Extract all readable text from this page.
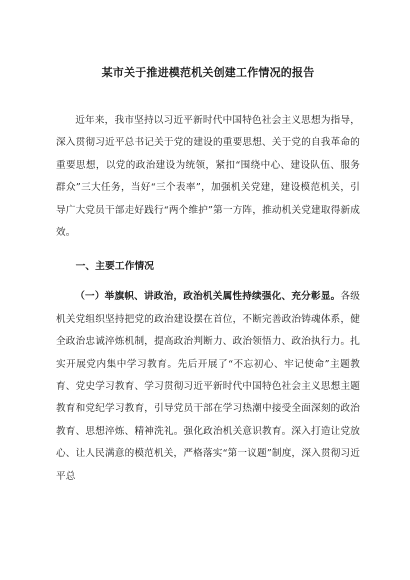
某市关于推进模范机关创建工作情况的报告

近年来，我市坚持以习近平新时代中国特色社会主义思想为指导，深入贯彻习近平总书记关于党的建设的重要思想、关于党的自我革命的重要思想，以党的政治建设为统领，紧扣“围绕中心、建设队伍、服务群众”三大任务，当好“三个表率”，加强机关党建，建设模范机关，引导广大党员干部走好践行“两个维护”第一方阵，推动机关党建取得新成效。

一、主要工作情况

（一）举旗帜、讲政治，政治机关属性持续强化、充分彰显。各级机关党组织坚持把党的政治建设摆在首位，不断完善政治铸魂体系，健全政治忠诚淬炼机制，提高政治判断力、政治领悟力、政治执行力。扎实开展党内集中学习教育。先后开展了“不忘初心、牢记使命”主题教育、党史学习教育、学习贯彻习近平新时代中国特色社会主义思想主题教育和党纪学习教育，引导党员干部在学习热潮中接受全面深刻的政治教育、思想淬炼、精神洗礼。强化政治机关意识教育。深入打造让党放心、让人民满意的模范机关，严格落实“第一议题”制度，深入贯彻习近平总
